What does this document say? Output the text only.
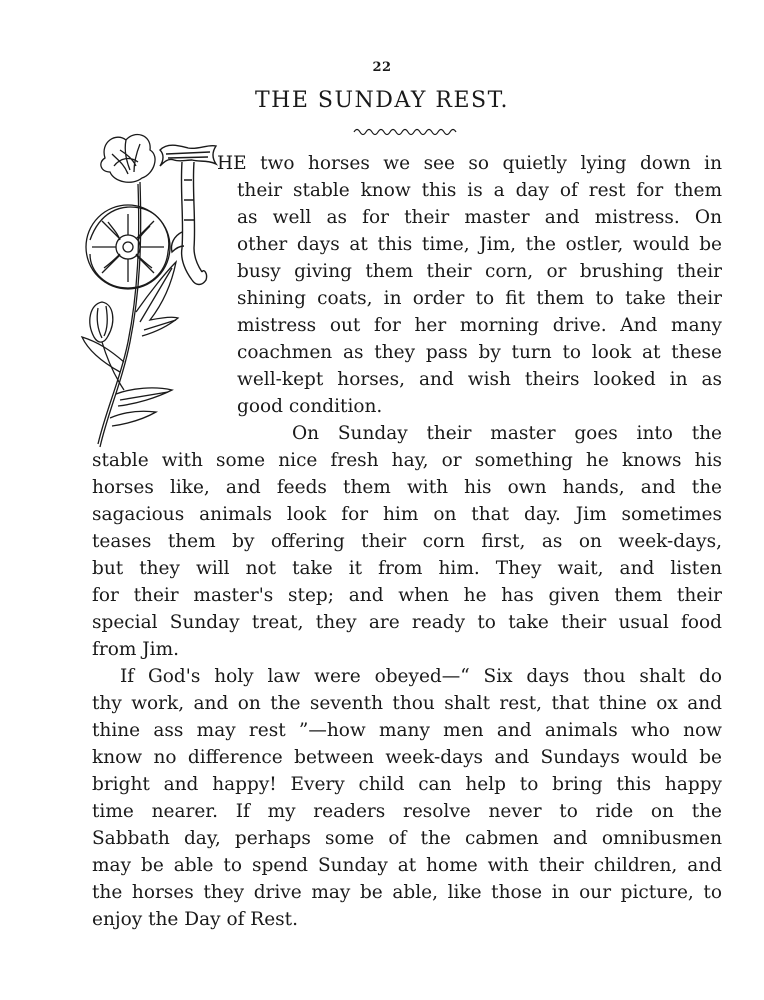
22
THE SUNDAY REST.
HE two horses we see so quietly lying down in
their stable know this is a day of rest for them
as well as for their master and mistress. On
other days at this time, Jim, the ostler, would be
busy giving them their corn, or brushing their
shining coats, in order to fit them to take their
mistress out for her morning drive. And many
coachmen as they pass by turn to look at these
well-kept horses, and wish theirs looked in as
good condition.
On Sunday their master goes into the
stable with some nice fresh hay, or something he knows his
horses like, and feeds them with his own hands, and the
sagacious animals look for him on that day. Jim sometimes
teases them by offering their corn first, as on week-days,
but they will not take it from him. They wait, and listen
for their master's step; and when he has given them their
special Sunday treat, they are ready to take their usual food
from Jim.
If God's holy law were obeyed—“ Six days thou shalt do
thy work, and on the seventh thou shalt rest, that thine ox and
thine ass may rest ”—how many men and animals who now
know no difference between week-days and Sundays would be
bright and happy! Every child can help to bring this happy
time nearer. If my readers resolve never to ride on the
Sabbath day, perhaps some of the cabmen and omnibusmen
may be able to spend Sunday at home with their children, and
the horses they drive may be able, like those in our picture, to
enjoy the Day of Rest.
